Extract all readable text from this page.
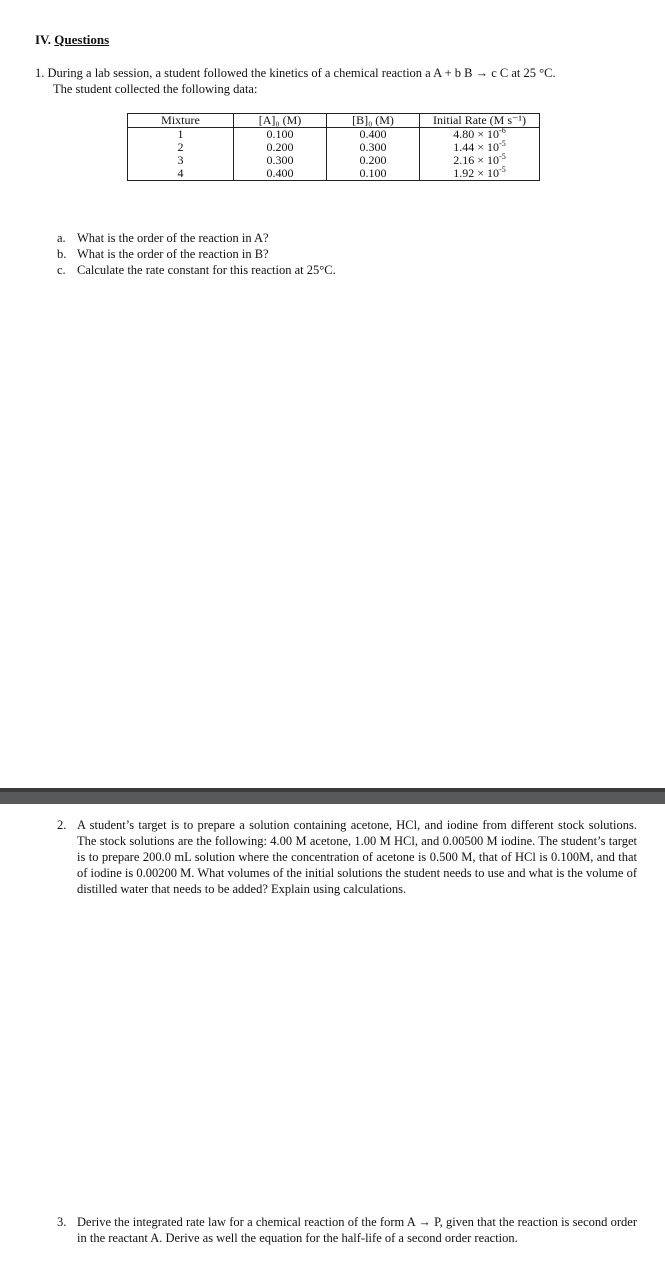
IV. Questions
1. During a lab session, a student followed the kinetics of a chemical reaction a A + b B → c C at 25 °C.
The student collected the following data:
Mixture	[A]₀ (M)	[B]₀ (M)	Initial Rate (M s⁻¹)
1	0.100	0.400	$4.80 \times 10^{-6}$
2	0.200	0.300	$1.44 \times 10^{-5}$
3	0.300	0.200	$2.16 \times 10^{-5}$
4	0.400	0.100	$1.92 \times 10^{-5}$
a. What is the order of the reaction in A?
b. What is the order of the reaction in B?
c. Calculate the rate constant for this reaction at 25°C.
2. A student’s target is to prepare a solution containing acetone, HCl, and iodine from different stock solutions. The stock solutions are the following: 4.00 M acetone, 1.00 M HCl, and 0.00500 M iodine. The student’s target is to prepare 200.0 mL solution where the concentration of acetone is 0.500 M, that of HCl is 0.100M, and that of iodine is 0.00200 M. What volumes of the initial solutions the student needs to use and what is the volume of distilled water that needs to be added? Explain using calculations.
3. Derive the integrated rate law for a chemical reaction of the form A → P, given that the reaction is second order in the reactant A. Derive as well the equation for the half-life of a second order reaction.
